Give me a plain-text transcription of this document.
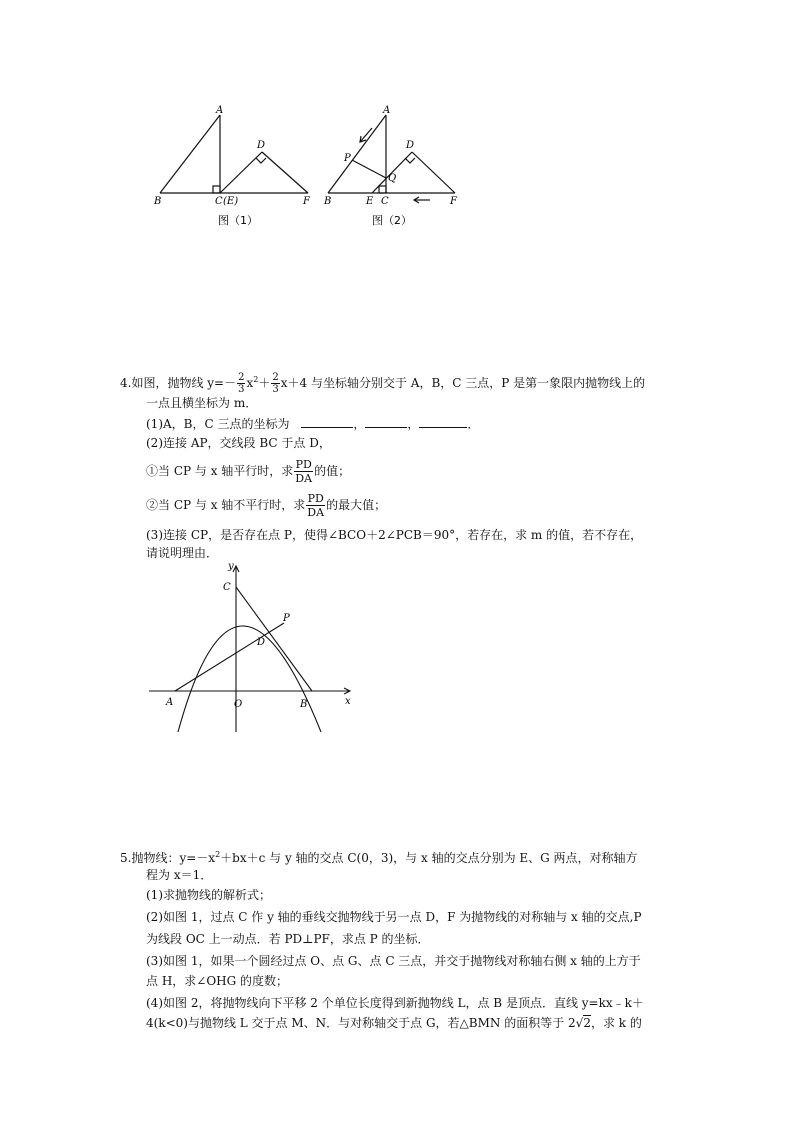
A
B	C (E)
D
F
图（1）
A
P
D
Q
B	E C	F
图（2）
4.如图，抛物线 $y=- \frac{2}{3} x^2+ \frac{2}{3} x+4$ 与坐标轴分别交于 A，B，C 三点，P 是第一象限内抛物线上的
一点且横坐标为 m．
(1)A，B，C 三点的坐标为	，	，	．
(2)连接 AP，交线段 BC 于点 D，
①当 CP 与 x 轴平行时，求 $\frac{PD}{DA}$ 的值；
②当 CP 与 x 轴不平行时，求 $\frac{PD}{DA}$ 的最大值；
(3)连接 CP，是否存在点 P，使得∠BCO＋2∠PCB＝90°，若存在，求 m 的值，若不存在，
请说明理由．
y
C
P
D
A	O	B	x
5.抛物线：$y=-x^2+bx+c$ 与 y 轴的交点 C(0，3)，与 x 轴的交点分别为 E、G 两点，对称轴方
程为 x＝1．
(1)求抛物线的解析式；
(2)如图 1，过点 C 作 y 轴的垂线交抛物线于另一点 D，F 为抛物线的对称轴与 x 轴的交点,P
为线段 OC 上一动点．若 PD⊥PF，求点 P 的坐标．
(3)如图 1，如果一个圆经过点 O、点 G、点 C 三点，并交于抛物线对称轴右侧 x 轴的上方于
点 H，求∠OHG 的度数；
(4)如图 2，将抛物线向下平移 2 个单位长度得到新抛物线 L，点 B 是顶点．直线 y=kx﹣k＋
4(k<0)与抛物线 L 交于点 M、N．与对称轴交于点 G，若△BMN 的面积等于 2√2，求 k 的
